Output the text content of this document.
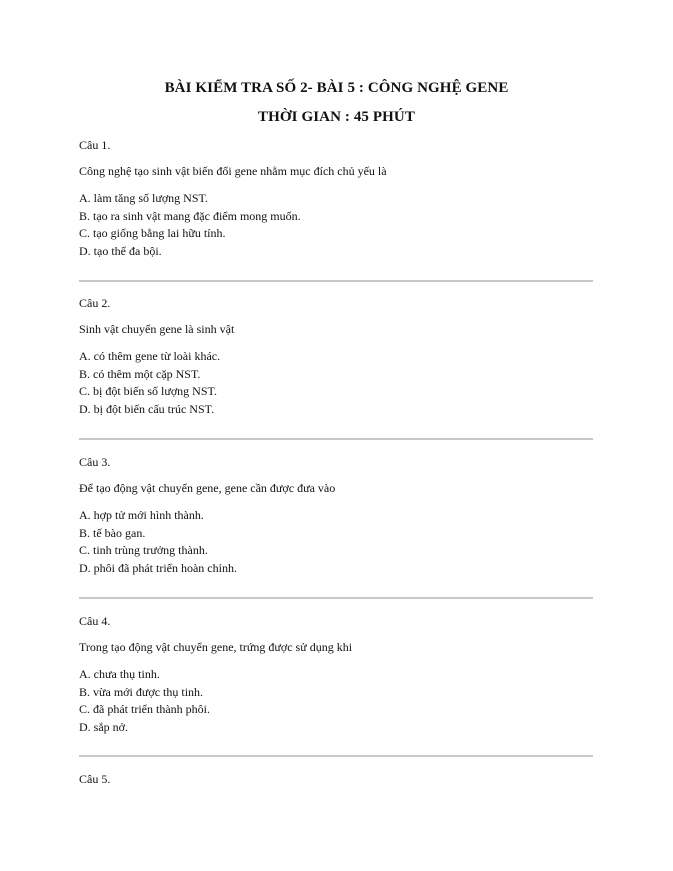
BÀI KIỂM TRA SỐ 2- BÀI 5 : CÔNG NGHỆ GENE
THỜI GIAN : 45 PHÚT

Câu 1.

Công nghệ tạo sinh vật biến đổi gene nhằm mục đích chủ yếu là

A. làm tăng số lượng NST.
B. tạo ra sinh vật mang đặc điểm mong muốn.
C. tạo giống bằng lai hữu tính.
D. tạo thể đa bội.

Câu 2.

Sinh vật chuyển gene là sinh vật

A. có thêm gene từ loài khác.
B. có thêm một cặp NST.
C. bị đột biến số lượng NST.
D. bị đột biến cấu trúc NST.

Câu 3.

Để tạo động vật chuyển gene, gene cần được đưa vào

A. hợp tử mới hình thành.
B. tế bào gan.
C. tinh trùng trưởng thành.
D. phôi đã phát triển hoàn chỉnh.

Câu 4.

Trong tạo động vật chuyển gene, trứng được sử dụng khi

A. chưa thụ tinh.
B. vừa mới được thụ tinh.
C. đã phát triển thành phôi.
D. sắp nở.

Câu 5.
